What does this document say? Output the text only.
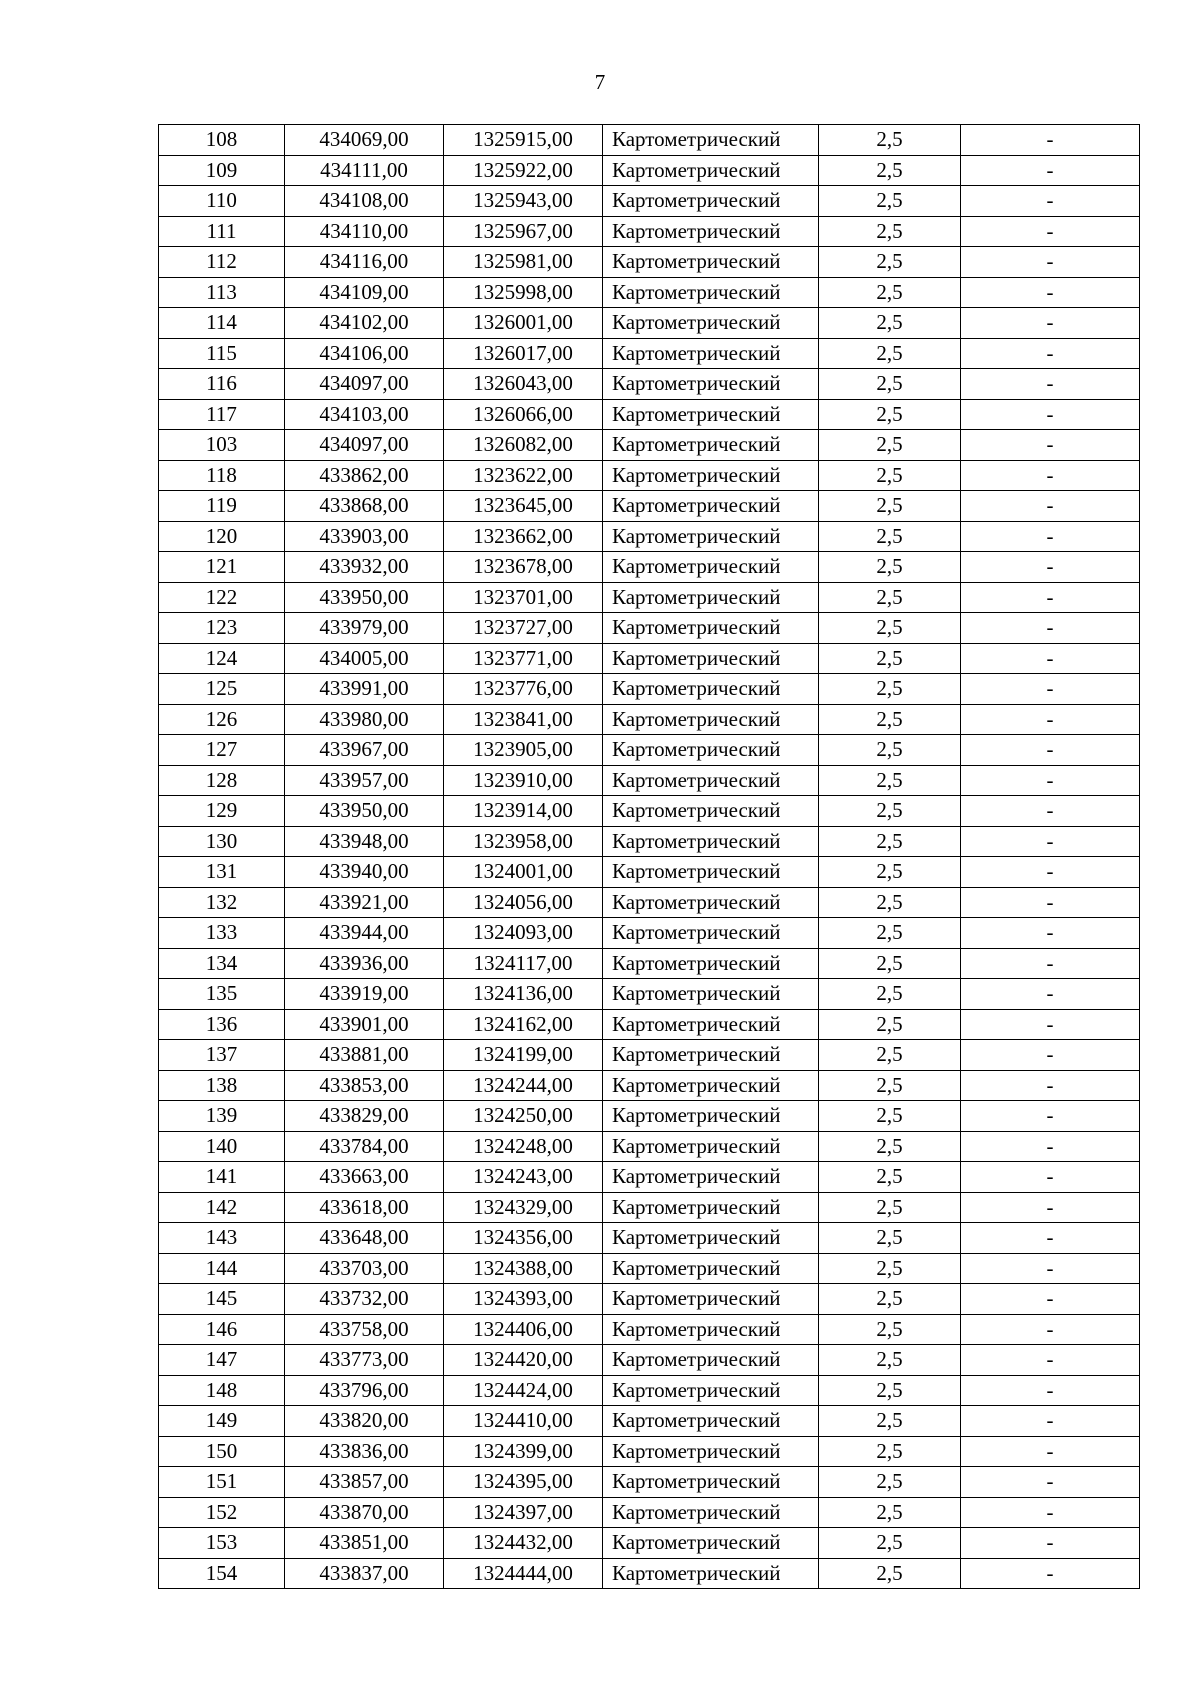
7
108	434069,00	1325915,00	Картометрический	2,5	-
109	434111,00	1325922,00	Картометрический	2,5	-
110	434108,00	1325943,00	Картометрический	2,5	-
111	434110,00	1325967,00	Картометрический	2,5	-
112	434116,00	1325981,00	Картометрический	2,5	-
113	434109,00	1325998,00	Картометрический	2,5	-
114	434102,00	1326001,00	Картометрический	2,5	-
115	434106,00	1326017,00	Картометрический	2,5	-
116	434097,00	1326043,00	Картометрический	2,5	-
117	434103,00	1326066,00	Картометрический	2,5	-
103	434097,00	1326082,00	Картометрический	2,5	-
118	433862,00	1323622,00	Картометрический	2,5	-
119	433868,00	1323645,00	Картометрический	2,5	-
120	433903,00	1323662,00	Картометрический	2,5	-
121	433932,00	1323678,00	Картометрический	2,5	-
122	433950,00	1323701,00	Картометрический	2,5	-
123	433979,00	1323727,00	Картометрический	2,5	-
124	434005,00	1323771,00	Картометрический	2,5	-
125	433991,00	1323776,00	Картометрический	2,5	-
126	433980,00	1323841,00	Картометрический	2,5	-
127	433967,00	1323905,00	Картометрический	2,5	-
128	433957,00	1323910,00	Картометрический	2,5	-
129	433950,00	1323914,00	Картометрический	2,5	-
130	433948,00	1323958,00	Картометрический	2,5	-
131	433940,00	1324001,00	Картометрический	2,5	-
132	433921,00	1324056,00	Картометрический	2,5	-
133	433944,00	1324093,00	Картометрический	2,5	-
134	433936,00	1324117,00	Картометрический	2,5	-
135	433919,00	1324136,00	Картометрический	2,5	-
136	433901,00	1324162,00	Картометрический	2,5	-
137	433881,00	1324199,00	Картометрический	2,5	-
138	433853,00	1324244,00	Картометрический	2,5	-
139	433829,00	1324250,00	Картометрический	2,5	-
140	433784,00	1324248,00	Картометрический	2,5	-
141	433663,00	1324243,00	Картометрический	2,5	-
142	433618,00	1324329,00	Картометрический	2,5	-
143	433648,00	1324356,00	Картометрический	2,5	-
144	433703,00	1324388,00	Картометрический	2,5	-
145	433732,00	1324393,00	Картометрический	2,5	-
146	433758,00	1324406,00	Картометрический	2,5	-
147	433773,00	1324420,00	Картометрический	2,5	-
148	433796,00	1324424,00	Картометрический	2,5	-
149	433820,00	1324410,00	Картометрический	2,5	-
150	433836,00	1324399,00	Картометрический	2,5	-
151	433857,00	1324395,00	Картометрический	2,5	-
152	433870,00	1324397,00	Картометрический	2,5	-
153	433851,00	1324432,00	Картометрический	2,5	-
154	433837,00	1324444,00	Картометрический	2,5	-
